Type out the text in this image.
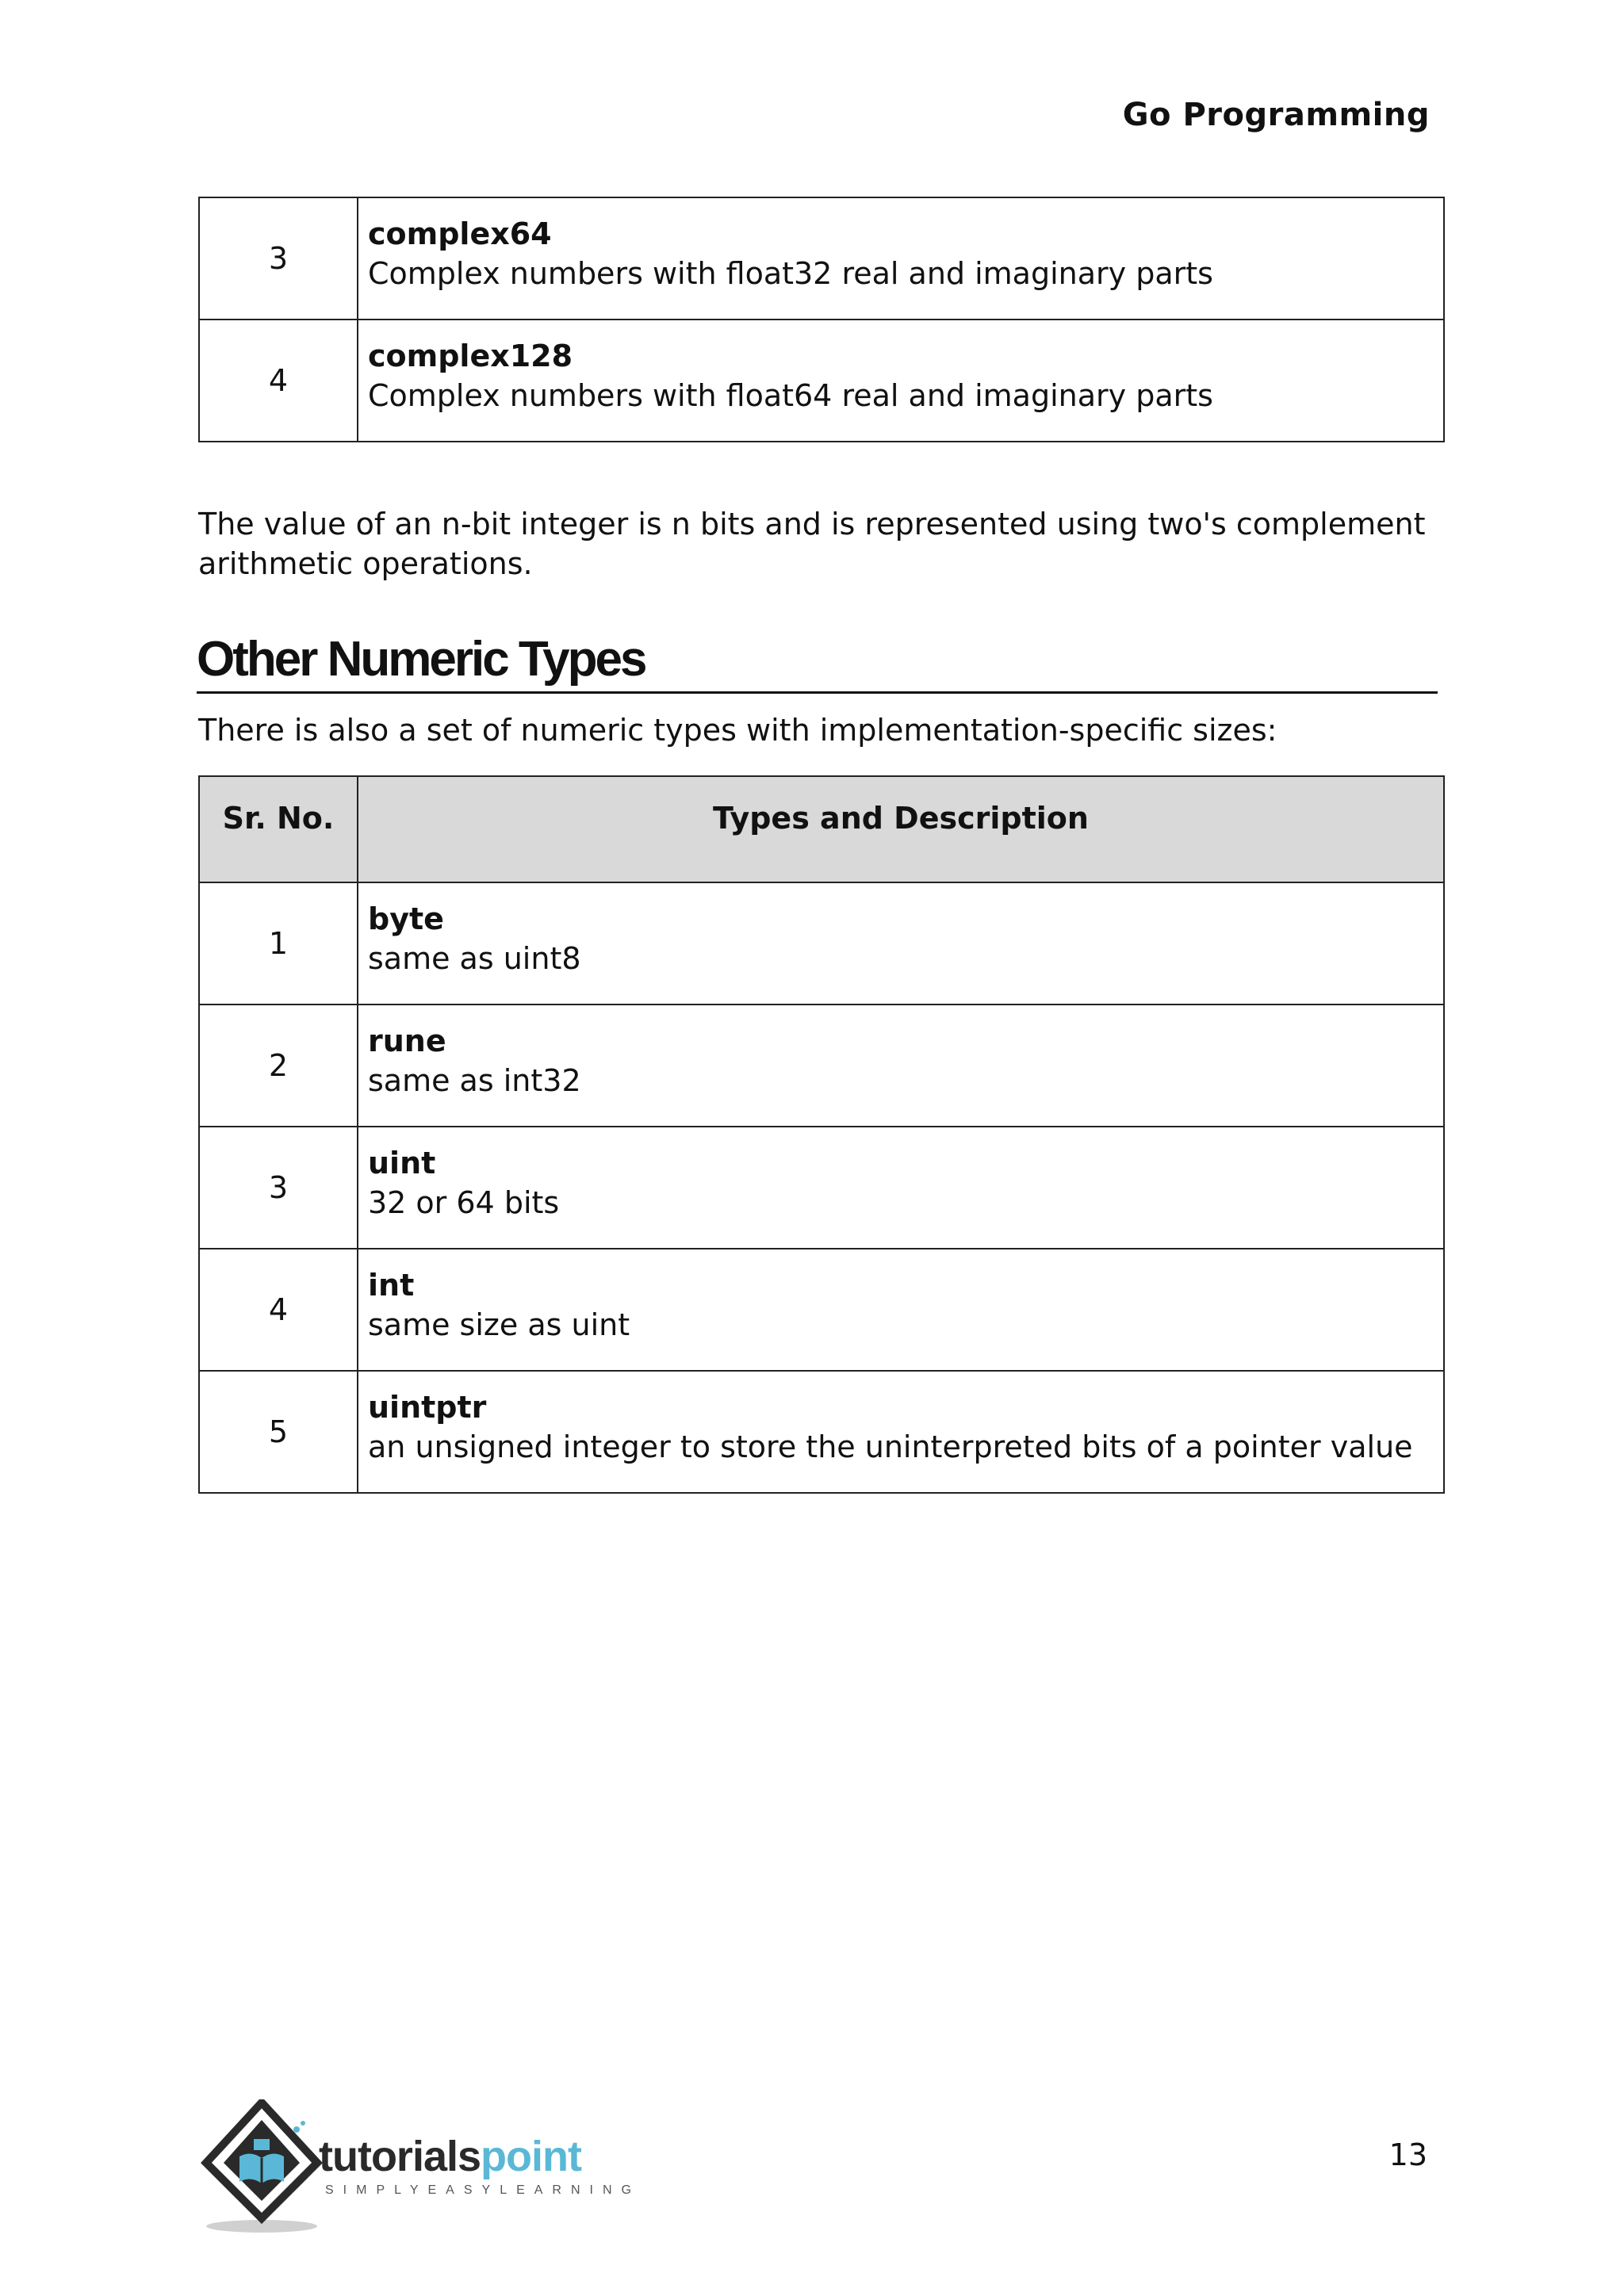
Go Programming
3	complex64
Complex numbers with float32 real and imaginary parts

4	complex128
Complex numbers with float64 real and imaginary parts
The value of an n-bit integer is n bits and is represented using two's complement arithmetic operations.
Other Numeric Types
There is also a set of numeric types with implementation-specific sizes:
Sr. No.	Types and Description
1	byte
same as uint8

2	rune
same as int32

3	uint
32 or 64 bits

4	int
same size as uint

5	uintptr
an unsigned integer to store the uninterpreted bits of a pointer value
tutorialspoint
SIMPLYEASYLEARNING
13
